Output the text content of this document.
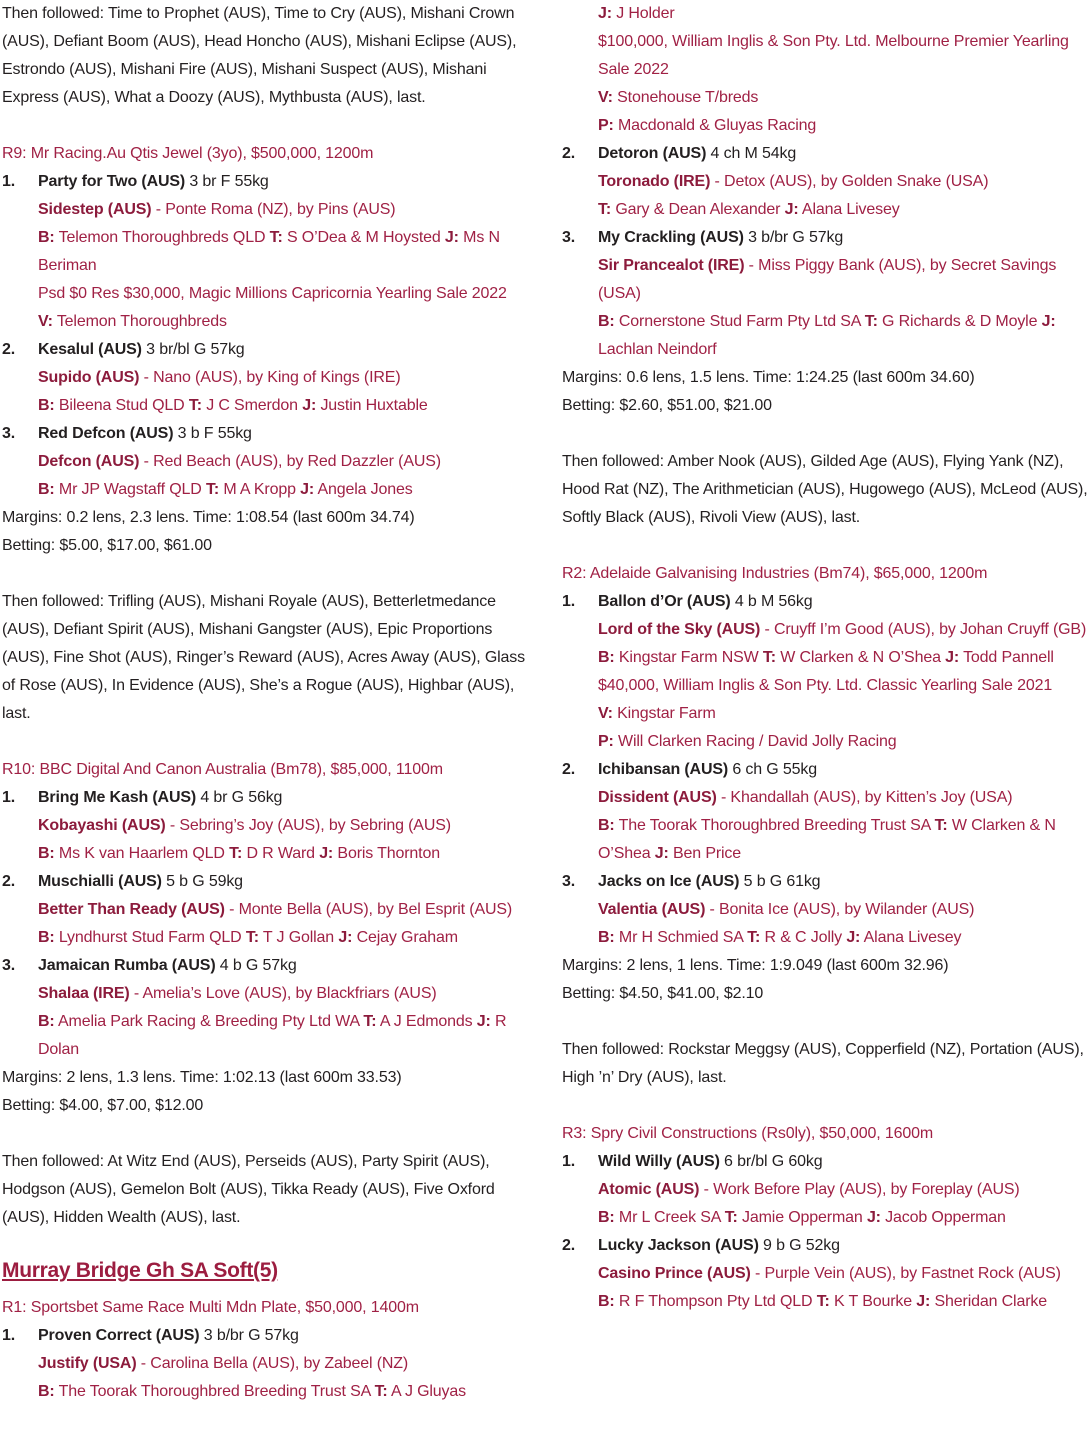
Then followed: Time to Prophet (AUS), Time to Cry (AUS), Mishani Crown (AUS), Defiant Boom (AUS), Head Honcho (AUS), Mishani Eclipse (AUS), Estrondo (AUS), Mishani Fire (AUS), Mishani Suspect (AUS), Mishani Express (AUS), What a Doozy (AUS), Mythbusta (AUS), last.

R9: Mr Racing.Au Qtis Jewel (3yo), $500,000, 1200m

1.	Party for Two (AUS) 3 br F 55kg

Sidestep (AUS) - Ponte Roma (NZ), by Pins (AUS)

B: Telemon Thoroughbreds QLD T: S O’Dea & M Hoysted J: Ms N Beriman

Psd $0 Res $30,000, Magic Millions Capricornia Yearling Sale 2022

V: Telemon Thoroughbreds

2.	Kesalul (AUS) 3 br/bl G 57kg

Supido (AUS) - Nano (AUS), by King of Kings (IRE)

B: Bileena Stud QLD T: J C Smerdon J: Justin Huxtable

3.	Red Defcon (AUS) 3 b F 55kg

Defcon (AUS) - Red Beach (AUS), by Red Dazzler (AUS)

B: Mr JP Wagstaff QLD T: M A Kropp J: Angela Jones

Margins: 0.2 lens, 2.3 lens. Time: 1:08.54 (last 600m 34.74)

Betting: $5.00, $17.00, $61.00

Then followed: Trifling (AUS), Mishani Royale (AUS), Betterletmedance (AUS), Defiant Spirit (AUS), Mishani Gangster (AUS), Epic Proportions (AUS), Fine Shot (AUS), Ringer’s Reward (AUS), Acres Away (AUS), Glass of Rose (AUS), In Evidence (AUS), She’s a Rogue (AUS), Highbar (AUS), last.

R10: BBC Digital And Canon Australia (Bm78), $85,000, 1100m

1.	Bring Me Kash (AUS) 4 br G 56kg

Kobayashi (AUS) - Sebring’s Joy (AUS), by Sebring (AUS)

B: Ms K van Haarlem QLD T: D R Ward J: Boris Thornton

2.	Muschialli (AUS) 5 b G 59kg

Better Than Ready (AUS) - Monte Bella (AUS), by Bel Esprit (AUS)

B: Lyndhurst Stud Farm QLD T: T J Gollan J: Cejay Graham

3.	Jamaican Rumba (AUS) 4 b G 57kg

Shalaa (IRE) - Amelia’s Love (AUS), by Blackfriars (AUS)

B: Amelia Park Racing & Breeding Pty Ltd WA T: A J Edmonds J: R Dolan

Margins: 2 lens, 1.3 lens. Time: 1:02.13 (last 600m 33.53)

Betting: $4.00, $7.00, $12.00

Then followed: At Witz End (AUS), Perseids (AUS), Party Spirit (AUS), Hodgson (AUS), Gemelon Bolt (AUS), Tikka Ready (AUS), Five Oxford (AUS), Hidden Wealth (AUS), last.

Murray Bridge Gh SA Soft(5)

R1: Sportsbet Same Race Multi Mdn Plate, $50,000, 1400m

1.	Proven Correct (AUS) 3 b/br G 57kg

Justify (USA) - Carolina Bella (AUS), by Zabeel (NZ)

B: The Toorak Thoroughbred Breeding Trust SA T: A J Gluyas

J: J Holder

$100,000, William Inglis & Son Pty. Ltd. Melbourne Premier Yearling Sale 2022

V: Stonehouse T/breds

P: Macdonald & Gluyas Racing

2.	Detoron (AUS) 4 ch M 54kg

Toronado (IRE) - Detox (AUS), by Golden Snake (USA)

T: Gary & Dean Alexander J: Alana Livesey

3.	My Crackling (AUS) 3 b/br G 57kg

Sir Prancealot (IRE) - Miss Piggy Bank (AUS), by Secret Savings (USA)

B: Cornerstone Stud Farm Pty Ltd SA T: G Richards & D Moyle J: Lachlan Neindorf

Margins: 0.6 lens, 1.5 lens. Time: 1:24.25 (last 600m 34.60)

Betting: $2.60, $51.00, $21.00

Then followed: Amber Nook (AUS), Gilded Age (AUS), Flying Yank (NZ), Hood Rat (NZ), The Arithmetician (AUS), Hugowego (AUS), McLeod (AUS), Softly Black (AUS), Rivoli View (AUS), last.

R2: Adelaide Galvanising Industries (Bm74), $65,000, 1200m

1.	Ballon d’Or (AUS) 4 b M 56kg

Lord of the Sky (AUS) - Cruyff I’m Good (AUS), by Johan Cruyff (GB)

B: Kingstar Farm NSW T: W Clarken & N O’Shea J: Todd Pannell

$40,000, William Inglis & Son Pty. Ltd. Classic Yearling Sale 2021

V: Kingstar Farm

P: Will Clarken Racing / David Jolly Racing

2.	Ichibansan (AUS) 6 ch G 55kg

Dissident (AUS) - Khandallah (AUS), by Kitten’s Joy (USA)

B: The Toorak Thoroughbred Breeding Trust SA T: W Clarken & N O’Shea J: Ben Price

3.	Jacks on Ice (AUS) 5 b G 61kg

Valentia (AUS) - Bonita Ice (AUS), by Wilander (AUS)

B: Mr H Schmied SA T: R & C Jolly J: Alana Livesey

Margins: 2 lens, 1 lens. Time: 1:9.049 (last 600m 32.96)

Betting: $4.50, $41.00, $2.10

Then followed: Rockstar Meggsy (AUS), Copperfield (NZ), Portation (AUS), High ’n’ Dry (AUS), last.

R3: Spry Civil Constructions (Rs0ly), $50,000, 1600m

1.	Wild Willy (AUS) 6 br/bl G 60kg

Atomic (AUS) - Work Before Play (AUS), by Foreplay (AUS)

B: Mr L Creek SA T: Jamie Opperman J: Jacob Opperman

2.	Lucky Jackson (AUS) 9 b G 52kg

Casino Prince (AUS) - Purple Vein (AUS), by Fastnet Rock (AUS)

B: R F Thompson Pty Ltd QLD T: K T Bourke J: Sheridan Clarke
